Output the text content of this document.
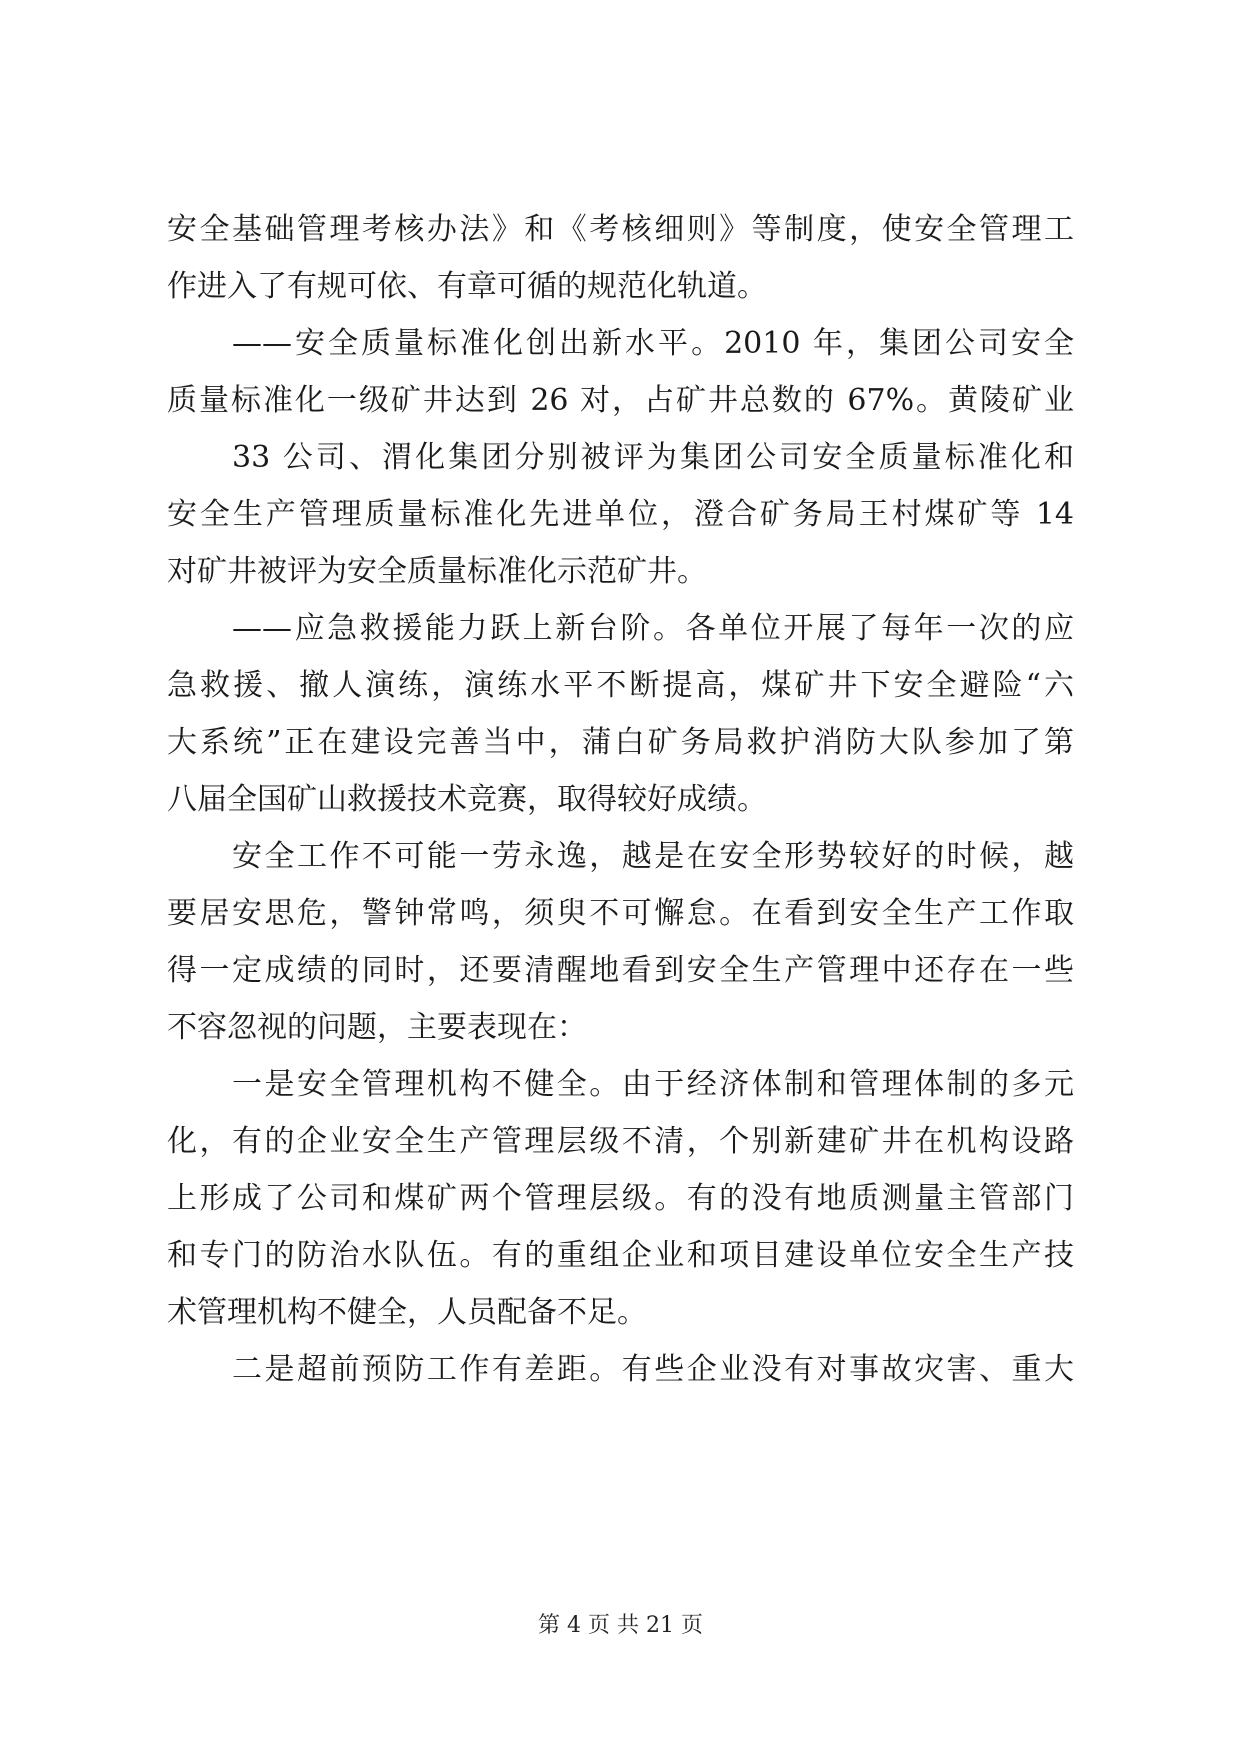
安全基础管理考核办法》和《考核细则》等制度，使安全管理工
作进入了有规可依、有章可循的规范化轨道。
——安全质量标准化创出新水平。2010 年，集团公司安全
质量标准化一级矿井达到 26 对，占矿井总数的 67%。黄陵矿业
33 公司、渭化集团分别被评为集团公司安全质量标准化和
安全生产管理质量标准化先进单位，澄合矿务局王村煤矿等 14
对矿井被评为安全质量标准化示范矿井。
——应急救援能力跃上新台阶。各单位开展了每年一次的应
急救援、撤人演练，演练水平不断提高，煤矿井下安全避险“六
大系统”正在建设完善当中，蒲白矿务局救护消防大队参加了第
八届全国矿山救援技术竞赛，取得较好成绩。
安全工作不可能一劳永逸，越是在安全形势较好的时候，越
要居安思危，警钟常鸣，须臾不可懈怠。在看到安全生产工作取
得一定成绩的同时，还要清醒地看到安全生产管理中还存在一些
不容忽视的问题，主要表现在：
一是安全管理机构不健全。由于经济体制和管理体制的多元
化，有的企业安全生产管理层级不清，个别新建矿井在机构设路
上形成了公司和煤矿两个管理层级。有的没有地质测量主管部门
和专门的防治水队伍。有的重组企业和项目建设单位安全生产技
术管理机构不健全，人员配备不足。
二是超前预防工作有差距。有些企业没有对事故灾害、重大
第 4 页 共 21 页
